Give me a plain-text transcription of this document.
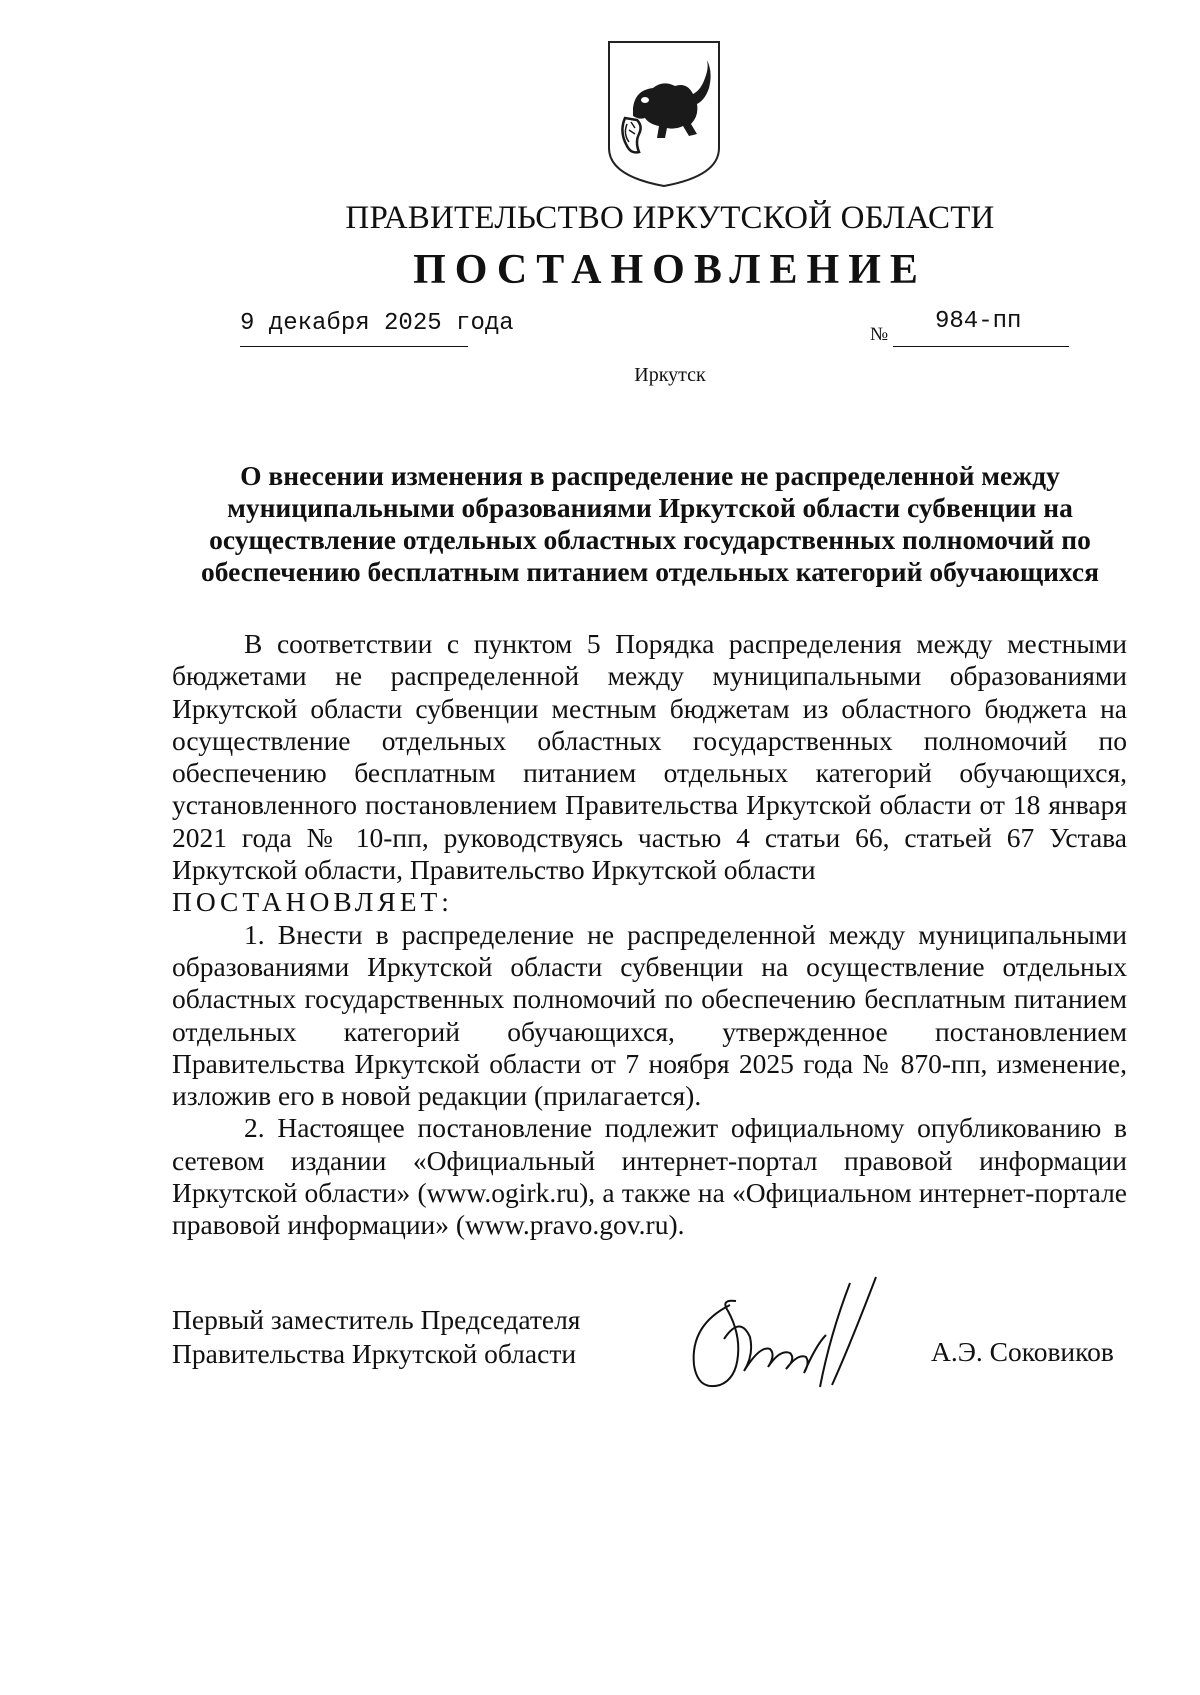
ПРАВИТЕЛЬСТВО ИРКУТСКОЙ ОБЛАСТИ
ПОСТАНОВЛЕНИЕ
9 декабря 2025 года	№ 984-пп
Иркутск

О внесении изменения в распределение не распределенной между муниципальными образованиями Иркутской области субвенции на осуществление отдельных областных государственных полномочий по обеспечению бесплатным питанием отдельных категорий обучающихся

В соответствии с пунктом 5 Порядка распределения между местными бюджетами не распределенной между муниципальными образованиями Иркутской области субвенции местным бюджетам из областного бюджета на осуществление отдельных областных государственных полномочий по обеспечению бесплатным питанием отдельных категорий обучающихся, установленного постановлением Правительства Иркутской области от 18 января 2021 года № 10-пп, руководствуясь частью 4 статьи 66, статьей 67 Устава Иркутской области, Правительство Иркутской области

ПОСТАНОВЛЯЕТ:

1. Внести в распределение не распределенной между муниципальными образованиями Иркутской области субвенции на осуществление отдельных областных государственных полномочий по обеспечению бесплатным питанием отдельных категорий обучающихся, утвержденное постановлением Правительства Иркутской области от 7 ноября 2025 года № 870-пп, изменение, изложив его в новой редакции (прилагается).

2. Настоящее постановление подлежит официальному опубликованию в сетевом издании «Официальный интернет-портал правовой информации Иркутской области» (www.ogirk.ru), а также на «Официальном интернет-портале правовой информации» (www.pravo.gov.ru).

Первый заместитель Председателя
Правительства Иркутской области	А.Э. Соковиков
